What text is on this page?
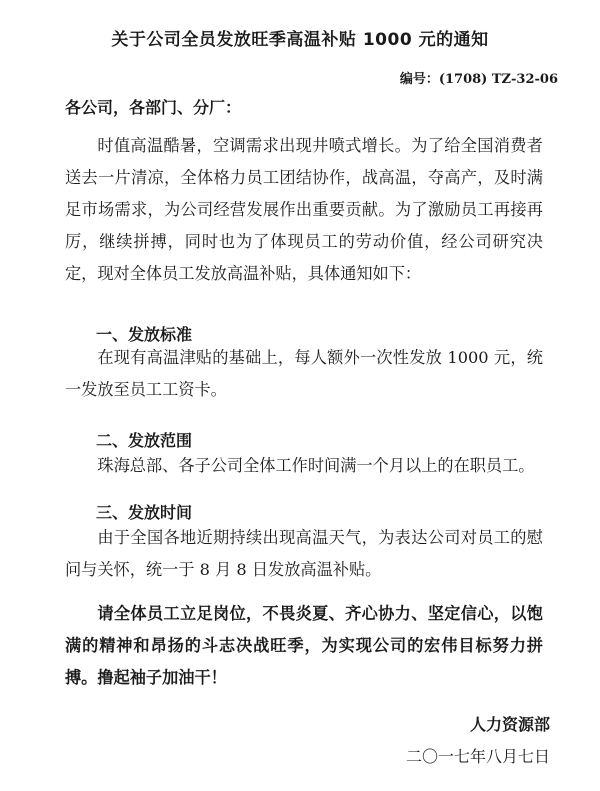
关于公司全员发放旺季高温补贴 1000 元的通知
编号：(1708) TZ-32-06
各公司，各部门、分厂：
时值高温酷暑，空调需求出现井喷式增长。为了给全国消费者送去一片清凉，全体格力员工团结协作，战高温，夺高产，及时满足市场需求，为公司经营发展作出重要贡献。为了激励员工再接再厉，继续拼搏，同时也为了体现员工的劳动价值，经公司研究决定，现对全体员工发放高温补贴，具体通知如下：
一、发放标准
在现有高温津贴的基础上，每人额外一次性发放 1000 元，统一发放至员工工资卡。
二、发放范围
珠海总部、各子公司全体工作时间满一个月以上的在职员工。
三、发放时间
由于全国各地近期持续出现高温天气，为表达公司对员工的慰问与关怀，统一于 8 月 8 日发放高温补贴。
请全体员工立足岗位，不畏炎夏、齐心协力、坚定信心，以饱满的精神和昂扬的斗志决战旺季，为实现公司的宏伟目标努力拼搏。撸起袖子加油干！
人力资源部
二〇一七年八月七日
